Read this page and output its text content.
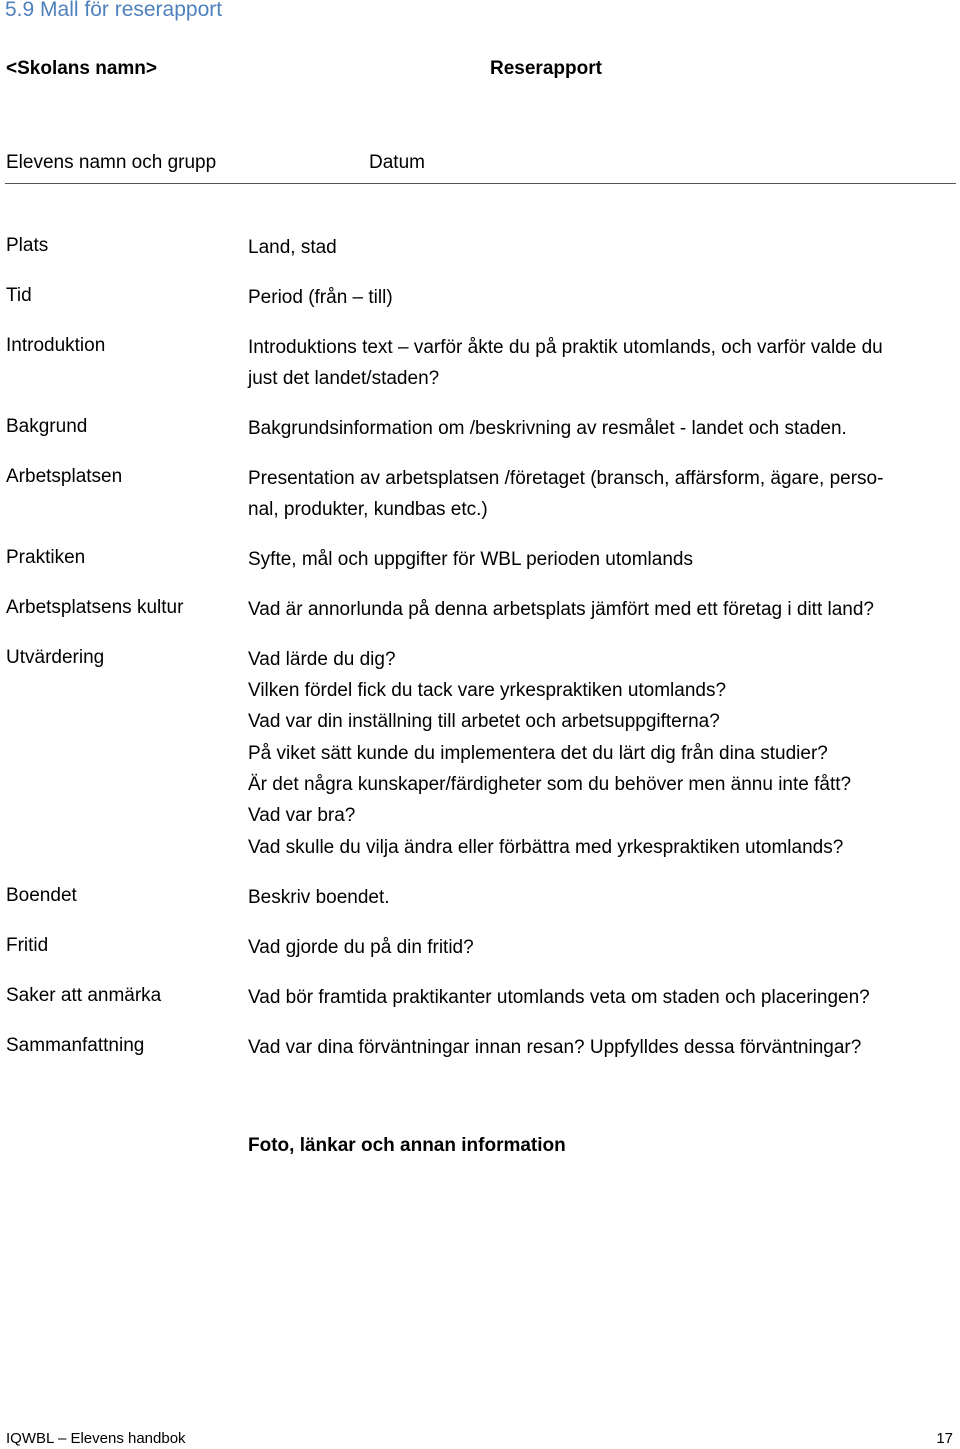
5.9 Mall för reserapport
<Skolans namn>	Reserapport
Elevens namn och grupp	Datum
Plats	Land, stad
Tid	Period (från – till)
Introduktion	Introduktions text – varför åkte du på praktik utomlands, och varför valde du
just det landet/staden?
Bakgrund	Bakgrundsinformation om /beskrivning av resmålet - landet och staden.
Arbetsplatsen	Presentation av arbetsplatsen /företaget (bransch, affärsform, ägare, perso-
nal, produkter, kundbas etc.)
Praktiken	Syfte, mål och uppgifter för WBL perioden utomlands
Arbetsplatsens kultur	Vad är annorlunda på denna arbetsplats jämfört med ett företag i ditt land?
Utvärdering	Vad lärde du dig?
Vilken fördel fick du tack vare yrkespraktiken utomlands?
Vad var din inställning till arbetet och arbetsuppgifterna?
På viket sätt kunde du implementera det du lärt dig från dina studier?
Är det några kunskaper/färdigheter som du behöver men ännu inte fått?
Vad var bra?
Vad skulle du vilja ändra eller förbättra med yrkespraktiken utomlands?
Boendet	Beskriv boendet.
Fritid	Vad gjorde du på din fritid?
Saker att anmärka	Vad bör framtida praktikanter utomlands veta om staden och placeringen?
Sammanfattning	Vad var dina förväntningar innan resan? Uppfylldes dessa förväntningar?
Foto, länkar och annan information
IQWBL – Elevens handbok	17
